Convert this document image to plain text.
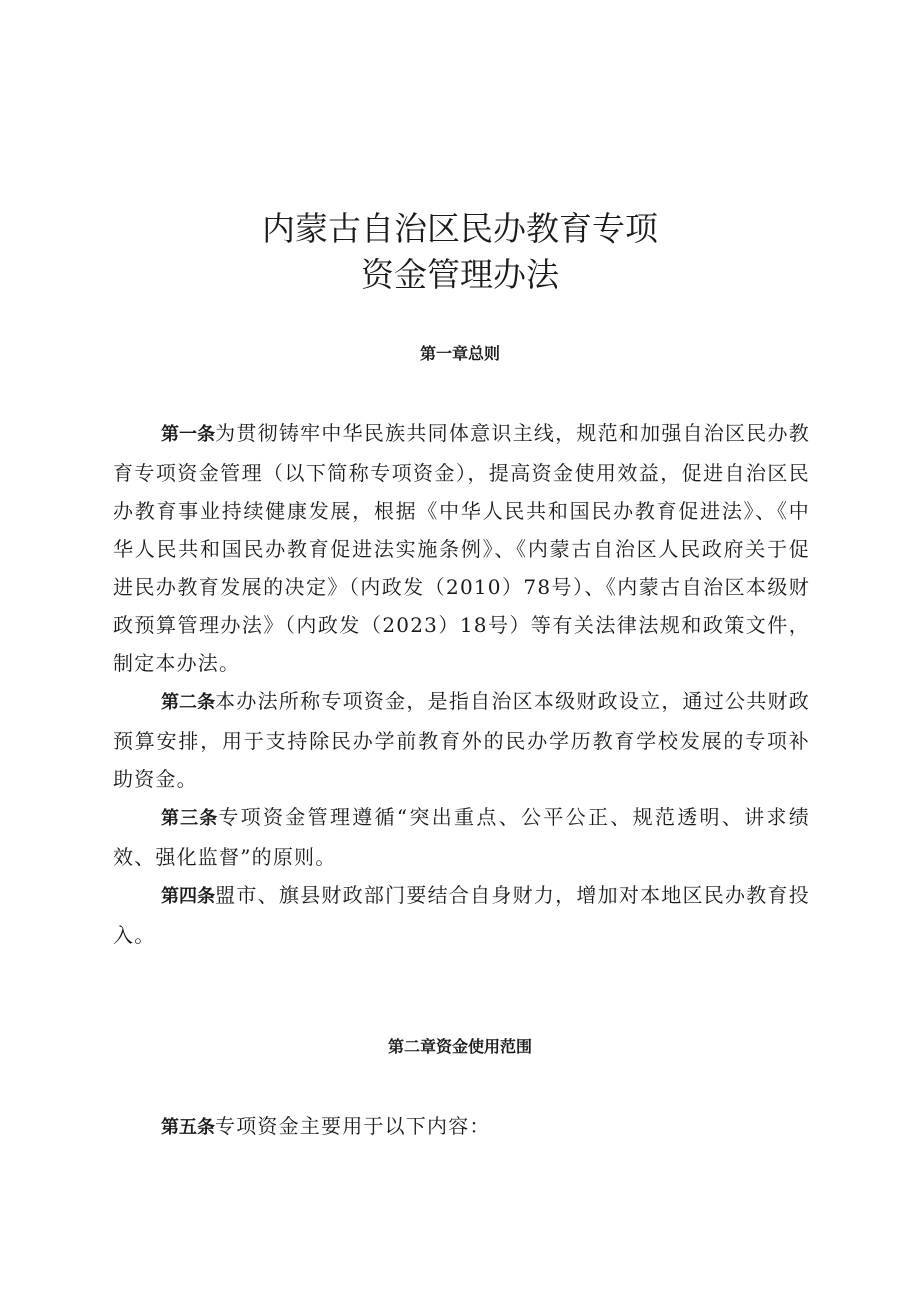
内蒙古自治区民办教育专项
资金管理办法
第一章总则

第一条为贯彻铸牢中华民族共同体意识主线，规范和加强自治区民办教育专项资金管理（以下简称专项资金），提高资金使用效益，促进自治区民办教育事业持续健康发展，根据《中华人民共和国民办教育促进法》、《中华人民共和国民办教育促进法实施条例》、《内蒙古自治区人民政府关于促进民办教育发展的决定》（内政发（2010）78号）、《内蒙古自治区本级财政预算管理办法》（内政发（2023）18号）等有关法律法规和政策文件，制定本办法。

第二条本办法所称专项资金，是指自治区本级财政设立，通过公共财政预算安排，用于支持除民办学前教育外的民办学历教育学校发展的专项补助资金。

第三条专项资金管理遵循“突出重点、公平公正、规范透明、讲求绩效、强化监督”的原则。

第四条盟市、旗县财政部门要结合自身财力，增加对本地区民办教育投入。

第二章资金使用范围

第五条专项资金主要用于以下内容：
